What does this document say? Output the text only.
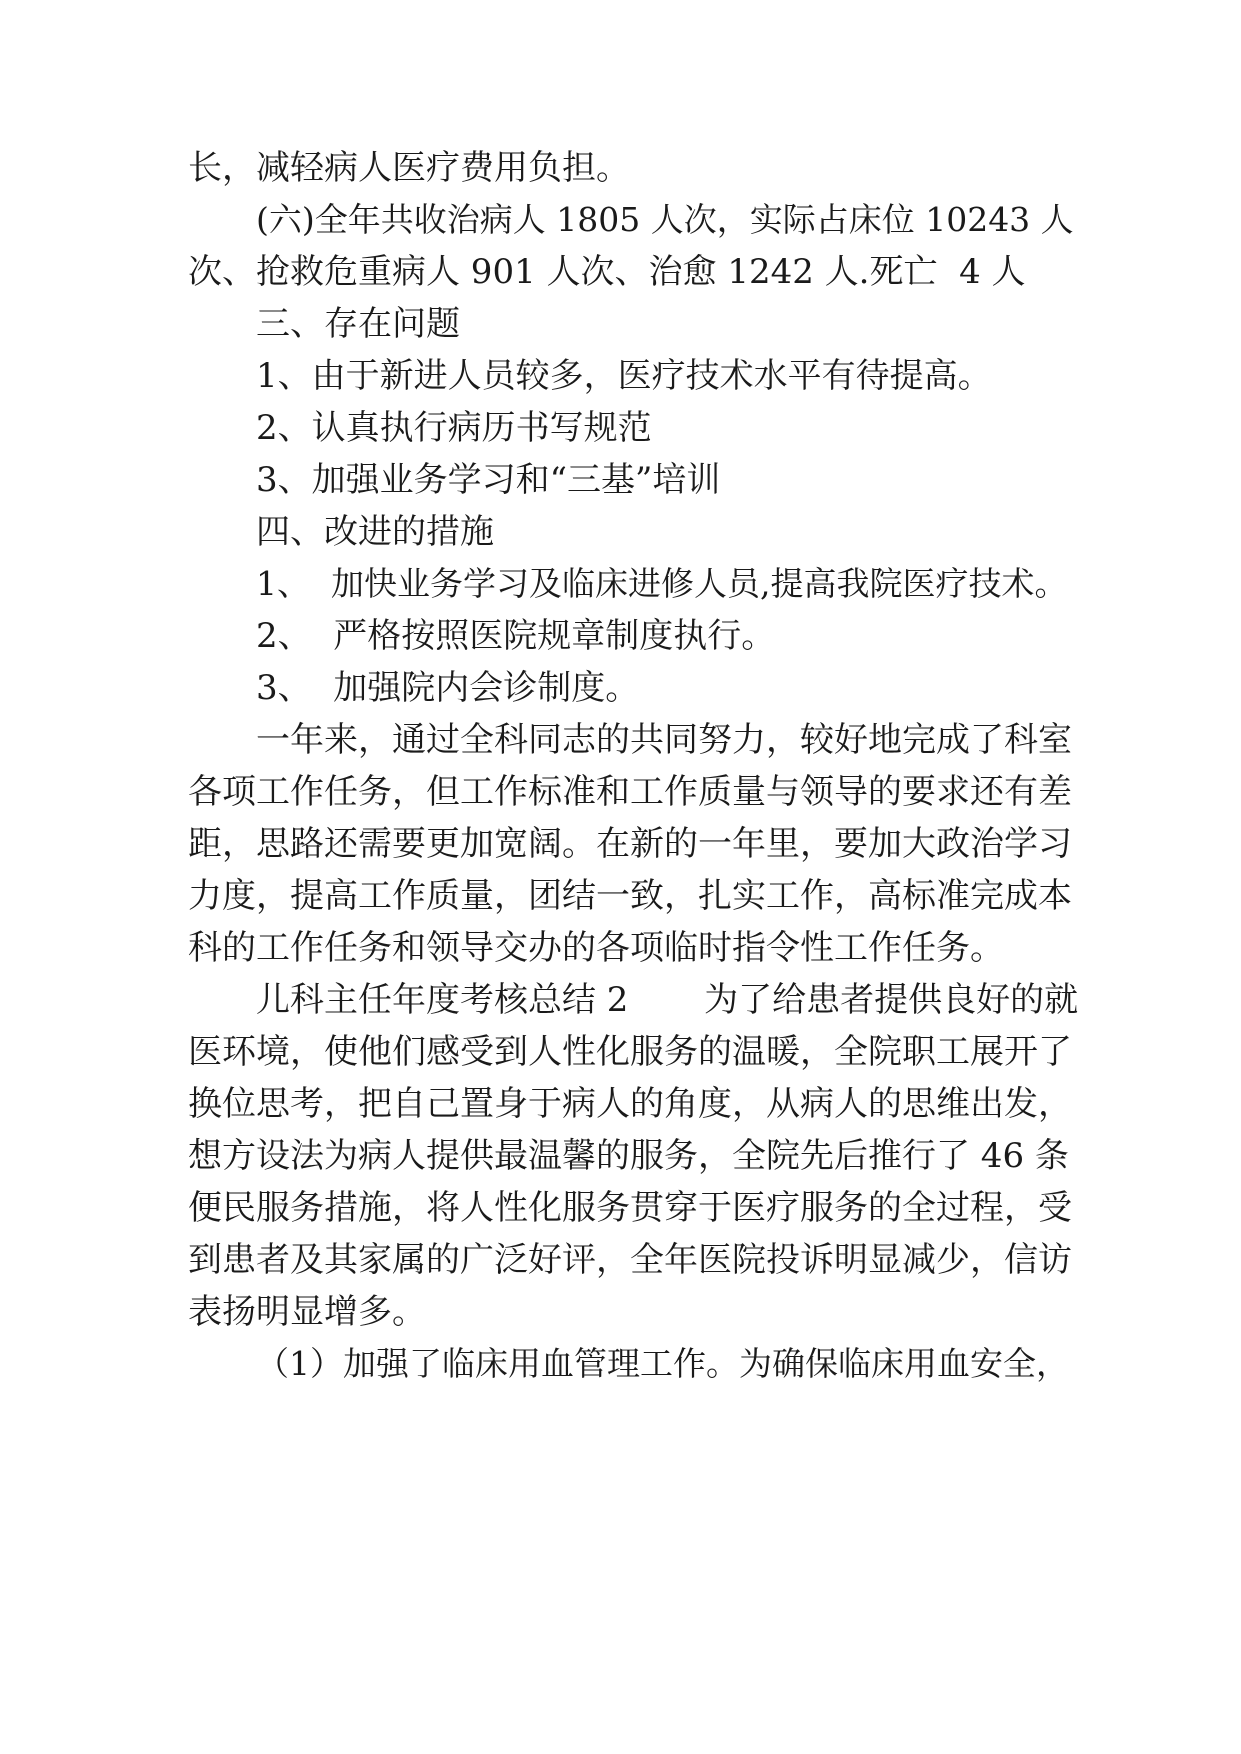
长，减轻病人医疗费用负担。
(六)全年共收治病人 1805 人次，实际占床位 10243 人
次、抢救危重病人 901 人次、治愈 1242 人.死亡  4 人
三、存在问题
1、由于新进人员较多，医疗技术水平有待提高。
2、认真执行病历书写规范
3、加强业务学习和“三基”培训
四、改进的措施
1、  加快业务学习及临床进修人员,提高我院医疗技术。
2、  严格按照医院规章制度执行。
3、  加强院内会诊制度。
一年来，通过全科同志的共同努力，较好地完成了科室
各项工作任务，但工作标准和工作质量与领导的要求还有差
距，思路还需要更加宽阔。在新的一年里，要加大政治学习
力度，提高工作质量，团结一致，扎实工作，高标准完成本
科的工作任务和领导交办的各项临时指令性工作任务。
儿科主任年度考核总结 2       为了给患者提供良好的就
医环境，使他们感受到人性化服务的温暖，全院职工展开了
换位思考，把自己置身于病人的角度，从病人的思维出发，
想方设法为病人提供最温馨的服务，全院先后推行了 46 条
便民服务措施，将人性化服务贯穿于医疗服务的全过程，受
到患者及其家属的广泛好评，全年医院投诉明显减少，信访
表扬明显增多。
（1）加强了临床用血管理工作。为确保临床用血安全，
